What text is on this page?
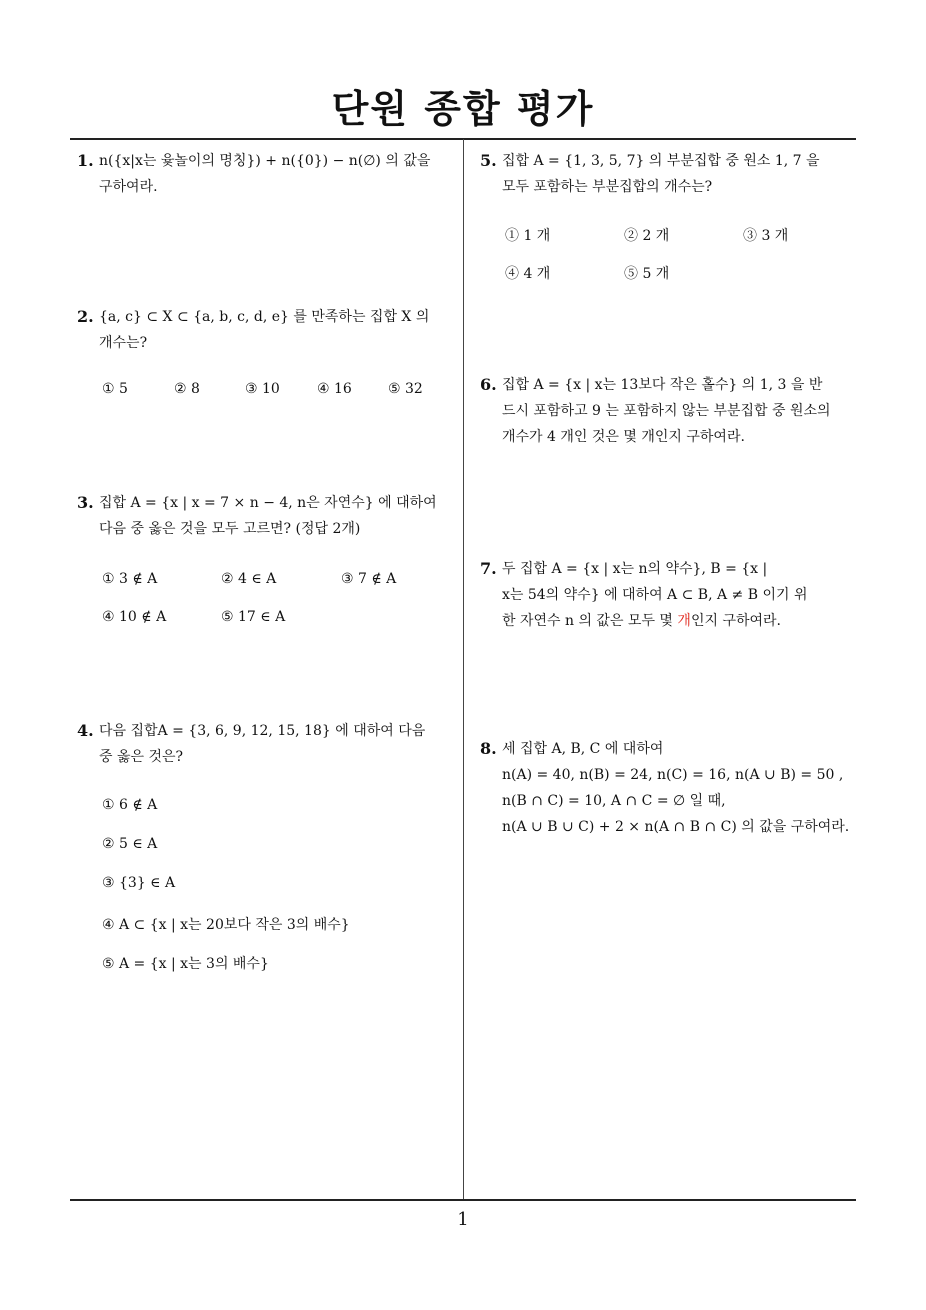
단원 종합 평가
1. n({x|x는 윷놀이의 명칭}) + n({0}) − n(∅) 의 값을
구하여라.
2. {a, c} ⊂ X ⊂ {a, b, c, d, e} 를 만족하는 집합 X 의
개수는?
① 5	② 8	③ 10	④ 16	⑤ 32
3. 집합 A = {x | x = 7 × n − 4, n은 자연수} 에 대하여
다음 중 옳은 것을 모두 고르면? (정답 2개)
① 3 ∉ A	② 4 ∈ A	③ 7 ∉ A
④ 10 ∉ A	⑤ 17 ∈ A
4. 다음 집합A = {3, 6, 9, 12, 15, 18} 에 대하여 다음
중 옳은 것은?
① 6 ∉ A
② 5 ∈ A
③ {3} ∈ A
④ A ⊂ {x | x는 20보다 작은 3의 배수}
⑤ A = {x | x는 3의 배수}
5. 집합 A = {1, 3, 5, 7} 의 부분집합 중 원소 1, 7 을
모두 포함하는 부분집합의 개수는?
① 1 개	② 2 개	③ 3 개
④ 4 개	⑤ 5 개
6. 집합 A = {x | x는 13보다 작은 홀수} 의 1, 3 을 반
드시 포함하고 9 는 포함하지 않는 부분집합 중 원소의
개수가 4 개인 것은 몇 개인지 구하여라.
7. 두 집합 A = {x | x는 n의 약수}, B = {x |
x는 54의 약수} 에 대하여 A ⊂ B, A ≠ B 이기 위
한 자연수 n 의 값은 모두 몇 개인지 구하여라.
8. 세 집합 A, B, C 에 대하여
n(A) = 40, n(B) = 24, n(C) = 16, n(A ∪ B) = 50 ,
n(B ∩ C) = 10, A ∩ C = ∅ 일 때,
n(A ∪ B ∪ C) + 2 × n(A ∩ B ∩ C) 의 값을 구하여라.
1
